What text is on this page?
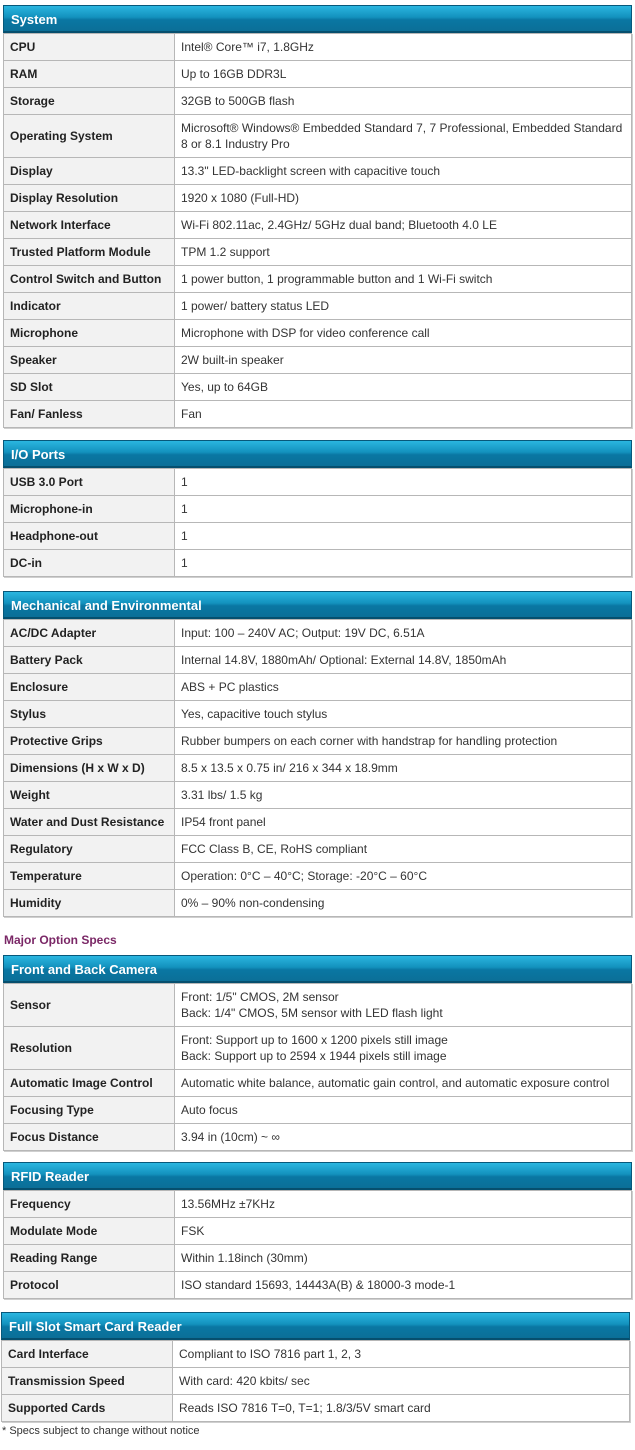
System
CPU	Intel® Core™ i7, 1.8GHz
RAM	Up to 16GB DDR3L
Storage	32GB to 500GB flash
Operating System	Microsoft® Windows® Embedded Standard 7, 7 Professional, Embedded Standard 8 or 8.1 Industry Pro
Display	13.3" LED-backlight screen with capacitive touch
Display Resolution	1920 x 1080 (Full-HD)
Network Interface	Wi-Fi 802.11ac, 2.4GHz/ 5GHz dual band; Bluetooth 4.0 LE
Trusted Platform Module	TPM 1.2 support
Control Switch and Button	1 power button, 1 programmable button and 1 Wi-Fi switch
Indicator	1 power/ battery status LED
Microphone	Microphone with DSP for video conference call
Speaker	2W built-in speaker
SD Slot	Yes, up to 64GB
Fan/ Fanless	Fan
I/O Ports
USB 3.0 Port	1
Microphone-in	1
Headphone-out	1
DC-in	1
Mechanical and Environmental
AC/DC Adapter	Input: 100 – 240V AC; Output: 19V DC, 6.51A
Battery Pack	Internal 14.8V, 1880mAh/ Optional: External 14.8V, 1850mAh
Enclosure	ABS + PC plastics
Stylus	Yes, capacitive touch stylus
Protective Grips	Rubber bumpers on each corner with handstrap for handling protection
Dimensions (H x W x D)	8.5 x 13.5 x 0.75 in/ 216 x 344 x 18.9mm
Weight	3.31 lbs/ 1.5 kg
Water and Dust Resistance	IP54 front panel
Regulatory	FCC Class B, CE, RoHS compliant
Temperature	Operation: 0°C – 40°C; Storage: -20°C – 60°C
Humidity	0% – 90% non-condensing
Major Option Specs
Front and Back Camera
Sensor	Front: 1/5" CMOS, 2M sensor
Back: 1/4" CMOS, 5M sensor with LED flash light

Resolution	Front: Support up to 1600 x 1200 pixels still image
Back: Support up to 2594 x 1944 pixels still image

Automatic Image Control	Automatic white balance, automatic gain control, and automatic exposure control
Focusing Type	Auto focus
Focus Distance	3.94 in (10cm) ~ ∞
RFID Reader
Frequency	13.56MHz ±7KHz
Modulate Mode	FSK
Reading Range	Within 1.18inch (30mm)
Protocol	ISO standard 15693, 14443A(B) & 18000-3 mode-1
Full Slot Smart Card Reader
Card Interface	Compliant to ISO 7816 part 1, 2, 3
Transmission Speed	With card: 420 kbits/ sec
Supported Cards	Reads ISO 7816 T=0, T=1; 1.8/3/5V smart card
* Specs subject to change without notice
